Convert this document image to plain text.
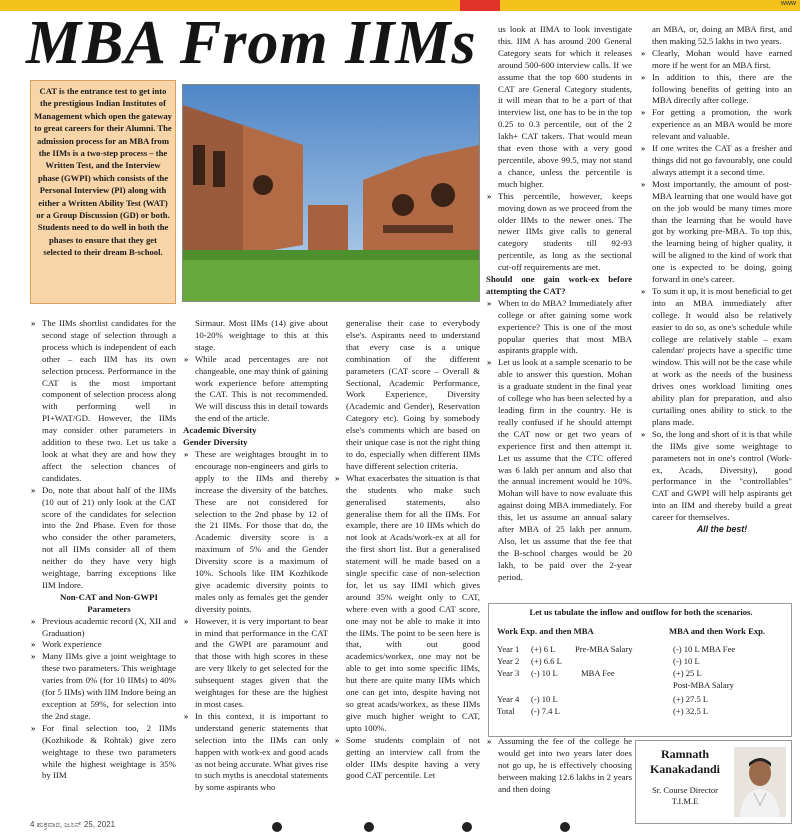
www
MBA From IIMs
CAT is the entrance test to get into the prestigious Indian Institutes of Management which open the gateway to great careers for their Alumni. The admission process for an MBA from the IIMs is a two-step process – the Written Test, and the Interview phase (GWPI) which consists of the Personal Interview (PI) along with either a Written Ability Test (WAT) or a Group Discussion (GD) or both. Students need to do well in both the phases to ensure that they get selected to their dream B-school.
» The IIMs shortlist candidates for the second stage of selection through a process which is independent of each other – each IIM has its own selection process. Performance in the CAT is the most important component of selection process along with performing well in PI+WAT/GD. However, the IIMs may consider other parameters in addition to these two. Let us take a look at what they are and how they affect the selection chances of candidates.
» Do, note that about half of the IIMs (10 out of 21) only look at the CAT score of the candidates for selection into the 2nd Phase. Even for those who consider the other parameters, not all IIMs consider all of them neither do they have very high weightage, barring exceptions like IIM Indore.
Non-CAT and Non-GWPI Parameters
» Previous academic record (X, XII and Graduation)
» Work experience
» Many IIMs give a joint weightage to these two parameters. This weightage varies from 0% (for 10 IIMs) to 40% (for 5 IIMs) with IIM Indore being an exception at 59%, for selection into the 2nd stage.
» For final selection too, 2 IIMs (Kozhikode & Rohtak) give zero weightage to these two parameters while the highest weightage is 35% by IIM
Sirmaur. Most IIMs (14) give about 10-20% weightage to this at this stage.
» While acad percentages are not changeable, one may think of gaining work experience before attempting the CAT. This is not recommended. We will discuss this in detail towards the end of the article.
Academic Diversity
Gender Diversity
» These are weightages brought in to encourage non-engineers and girls to apply to the IIMs and thereby increase the diversity of the batches. These are not considered for selection to the 2nd phase by 12 of the 21 IIMs. For those that do, the Academic diversity score is a maximum of 5% and the Gender Diversity score is a maximum of 10%. Schools like IIM Kozhikode give academic diversity points to males only as females get the gender diversity points.
» However, it is very important to bear in mind that performance in the CAT and the GWPI are paramount and that those with high scores in these are very likely to get selected for the subsequent stages given that the weightages for these are the highest in most cases.
» In this context, it is important to understand generic statements that selection into the IIMs can only happen with work-ex and good acads as not being accurate. What gives rise to such myths is anecdotal statements by some aspirants who
generalise their case to everybody else's. Aspirants need to understand that every case is a unique combination of the different parameters (CAT score – Overall & Sectional, Academic Performance, Work Experience, Diversity (Academic and Gender), Reservation Category etc). Going by somebody else's comments which are based on their unique case is not the right thing to do, especially when different IIMs have different selection criteria.
» What exacerbates the situation is that the students who make such generalised statements, also generalise them for all the IIMs. For example, there are 10 IIMs which do not look at Acads/work-ex at all for the first short list. But a generalised statement will be made based on a single specific case of non-selection for, let us say IIMI which gives around 35% weight only to CAT, where even with a good CAT score, one may not be able to make it into the IIMs. The point to be seen here is that, with out good academics/workex, one may not be able to get into some specific IIMs, but there are quite many IIMs which one can get into, despite having not so great acads/workex, as these IIMs give much higher weight to CAT, upto 100%.
» Some students complain of not getting an interview call from the older IIMs despite having a very good CAT percentile. Let
us look at IIMA to look investigate this. IIM A has around 200 General Category seats for which it releases around 500-600 interview calls. If we assume that the top 600 students in CAT are General Category students, it will mean that to be a part of that interview list, one has to be in the top 0.25 to 0.3 percentile, out of the 2 lakh+ CAT takers. That would mean that even those with a very good percentile, above 99.5, may not stand a chance, unless the percentile is much higher.
» This percentile, however, keeps moving down as we proceed from the older IIMs to the newer ones. The newer IIMs give calls to general category students till 92-93 percentile, as long as the sectional cut-off requirements are met.
Should one gain work-ex before attempting the CAT?
» When to do MBA? Immediately after college or after gaining some work experience? This is one of the most popular queries that most MBA aspirants grapple with.
» Let us look at a sample scenario to be able to answer this question. Mohan is a graduate student in the final year of college who has been selected by a leading firm in the country. He is really confused if he should attempt the CAT now or get two years of experience first and then attempt it. Let us assume that the CTC offered was 6 lakh per annum and also that the annual increment would be 10%. Mohan will have to now evaluate this against doing MBA immediately. For this, let us assume an annual salary after MBA of 25 lakh per annum. Also, let us assume that the fee that the B-school charges would be 20 lakh, to be paid over the 2-year period.
an MBA, or, doing an MBA first, and then making 52.5 lakhs in two years.
» Clearly, Mohan would have earned more if he went for an MBA first.
» In addition to this, there are the following benefits of getting into an MBA directly after college.
» For getting a promotion, the work experience as an MBA would be more relevant and valuable.
» If one writes the CAT as a fresher and things did not go favourably, one could always attempt it a second time.
» Most importantly, the amount of post-MBA learning that one would have got on the job would be many times more than the learning that he would have got by working pre-MBA. To top this, the learning being of higher quality, it will be aligned to the kind of work that one is expected to be doing, going forward in one's career.
» To sum it up, it is most beneficial to get into an MBA immediately after college. It would also be relatively easier to do so, as one's schedule while college are relatively stable – exam calendar/ projects have a specific time window. This will not be the case while at work as the needs of the business drives ones workload limiting ones ability plan for preparation, and also curtailing ones ability to stick to the plans made.
» So, the long and short of it is that while the IIMs give some weightage to parameters not in one's control (Work-ex, Acads, Diversity), good performance in the "controllables" CAT and GWPI will help aspirants get into an IIM and thereby build a great career for themselves.
All the best!
Let us tabulate the inflow and outflow for both the scenarios.
Work Exp. and then MBA	MBA and then Work Exp.
Year 1 (+) 6 L Pre-MBA Salary
Year 2 (+) 6.6 L
Year 3 (-) 10 L	MBA Fee
Year 4 (-) 10 L
Total (-) 7.4 L
(-) 10 L MBA Fee
(-) 10 L
(+) 25 L
Post-MBA Salary
(+) 27.5 L
(+) 32.5 L
» Assuming the fee of the college he would get into two years later does not go up, he is effectively choosing between making 12.6 lakhs in 2 years and then doing
Ramnath
Kanakadandi
Sr. Course Director
T.I.M.E
4 ಶುಕ್ರವಾರ, ಜೂನ್ 25, 2021
